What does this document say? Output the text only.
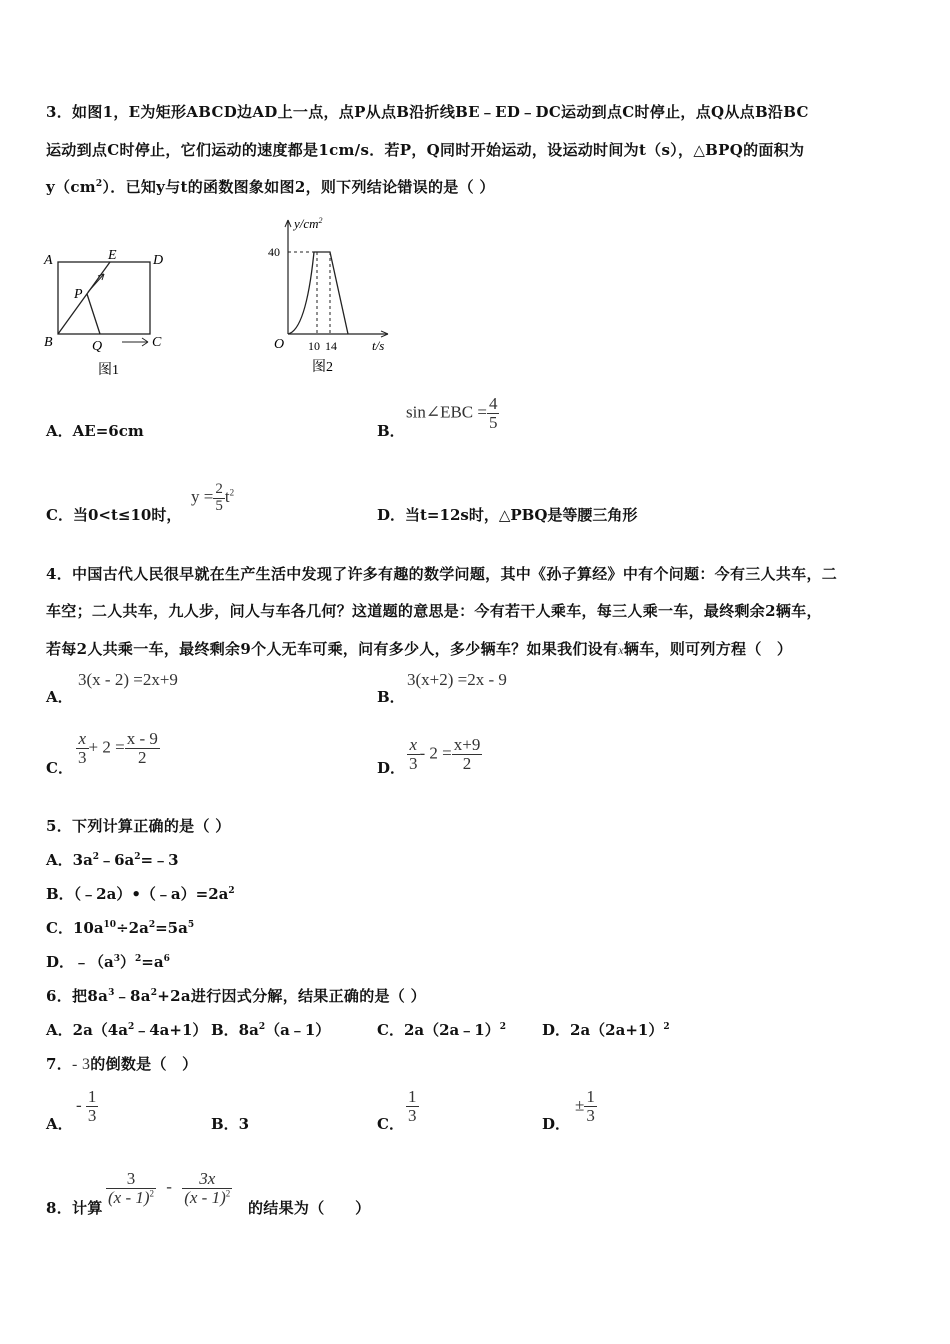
3．如图1，E为矩形ABCD边AD上一点，点P从点B沿折线BE﹣ED﹣DC运动到点C时停止，点Q从点B沿BC
运动到点C时停止，它们运动的速度都是1cm/s．若P，Q同时开始运动，设运动时间为t（s），△BPQ的面积为
$y(cm^2)$．已知y与t的函数图象如图2，则下列结论错误的是（ ）
A	E	D
P
B	Q	C
图1
$y/cm^2$
40
O 10 14	t/s
图2
A．AE=6cm	B．
sin∠EBC = $\frac{4}{5}$
C．当0<t≤10时，
$y = \frac{2}{5} t^2$
D．当t=12s时，△PBQ是等腰三角形
4．中国古代人民很早就在生产生活中发现了许多有趣的数学问题，其中《孙子算经》中有个问题：今有三人共车，二
车空；二人共车，九人步，问人与车各几何？这道题的意思是：今有若干人乘车，每三人乘一车，最终剩余2辆车，
若每2人共乘一车，最终剩余9个人无车可乘，问有多少人，多少辆车？如果我们设有x辆车，则可列方程（　）
A．
3(x - 2) =2x+9
B．
3(x+2) =2x - 9
C．
$\frac{x}{3} + 2 = \frac{x - 9}{2}$
D． $\frac{x}{3} - 2 = \frac{x+9}{2}$
5．下列计算正确的是（ ）
A．$3a^2﹣6a^2=﹣3$
B．$(﹣2a)•(﹣a)=2a^2$
C．$10a^{10}\div 2a^2=5a^5$
D．$﹣(a^3)^2=a^6$
6．把$8a^3﹣8a^2+2a$进行因式分解，结果正确的是（ ）
A．$2a(4a^2﹣4a+1)$ B．$8a^2(a﹣1)$	C．2a（2a﹣1）$^2$ D．$2a(2a+1)^2$
7．- 3的倒数是（　）
A．
- $\frac{1}{3}$	B．3	C． $\frac{1}{3}$	D．
± $\frac{1}{3}$
8．计算
$\frac{3}{(x - 1)^2} - \frac{3x}{(x - 1)^2}$
的结果为（　　）
